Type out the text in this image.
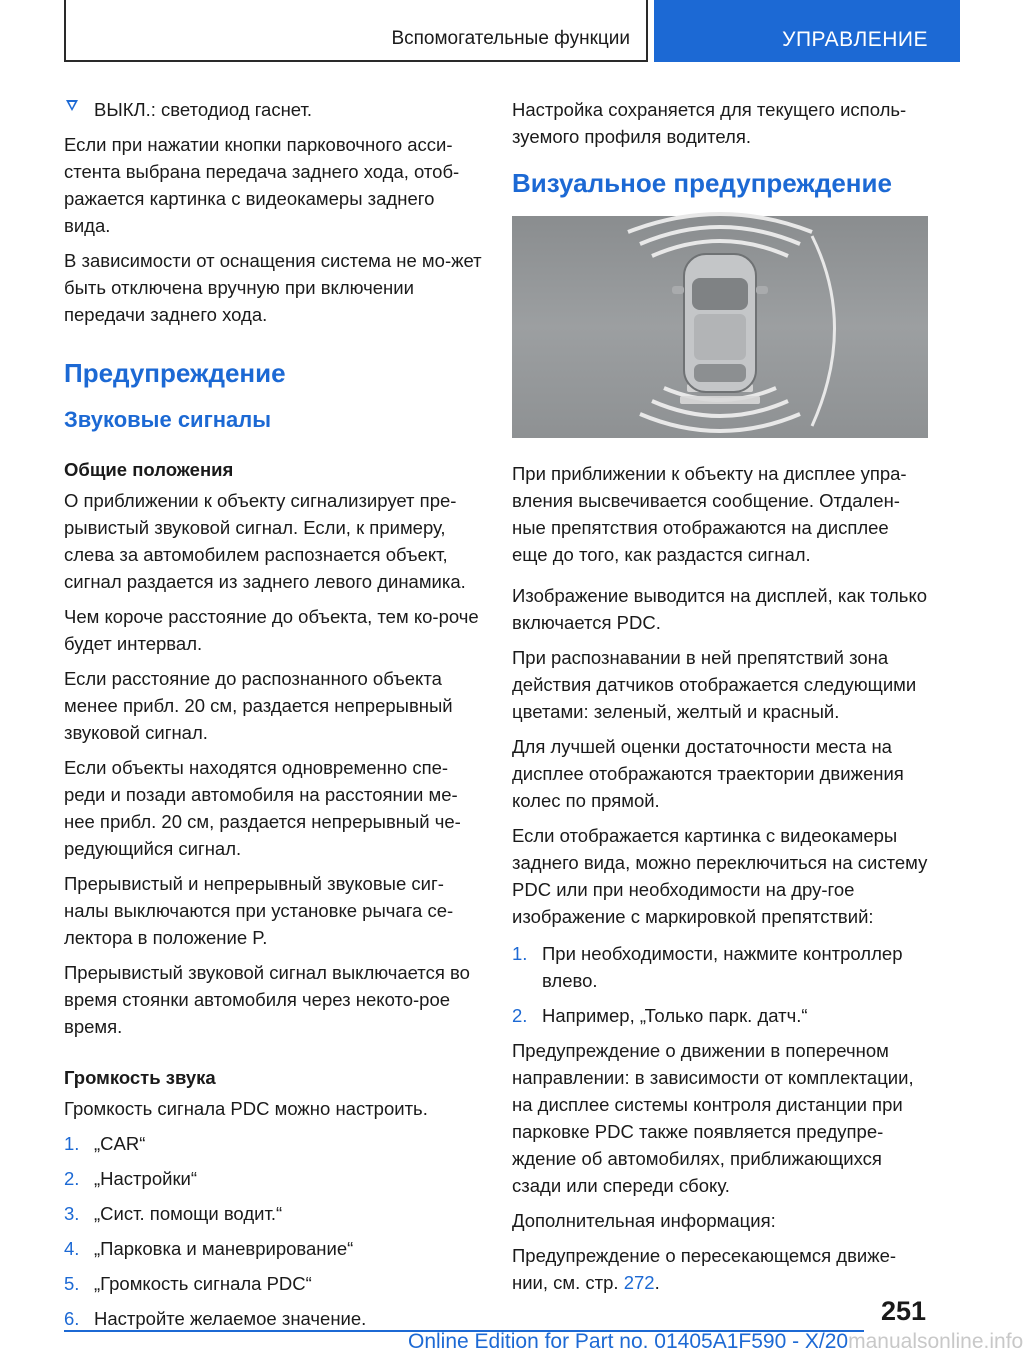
Вспомогательные функции	УПРАВЛЕНИЕ

ВЫКЛ.: светодиод гаснет.

Если при нажатии кнопки парковочного асси-стента выбрана передача заднего хода, отоб-ражается картинка с видеокамеры заднего вида.

В зависимости от оснащения система не мо-жет быть отключена вручную при включении передачи заднего хода.

Предупреждение
Звуковые сигналы
Общие положения

О приближении к объекту сигнализирует пре-рывистый звуковой сигнал. Если, к примеру, слева за автомобилем распознается объект, сигнал раздается из заднего левого динамика.

Чем короче расстояние до объекта, тем ко-роче будет интервал.

Если расстояние до распознанного объекта менее прибл. 20 см, раздается непрерывный звуковой сигнал.

Если объекты находятся одновременно спе-реди и позади автомобиля на расстоянии ме-нее прибл. 20 см, раздается непрерывный че-редующийся сигнал.

Прерывистый и непрерывный звуковые сиг-налы выключаются при установке рычага се-лектора в положение P.

Прерывистый звуковой сигнал выключается во время стоянки автомобиля через некото-рое время.

Громкость звука

Громкость сигнала PDC можно настроить.

1. „CAR“
2. „Настройки“
3. „Сист. помощи водит.“
4. „Парковка и маневрирование“
5. „Громкость сигнала PDC“
6. Настройте желаемое значение.

Настройка сохраняется для текущего исполь-зуемого профиля водителя.

Визуальное предупреждение

При приближении к объекту на дисплее упра-вления высвечивается сообщение. Отдален-ные препятствия отображаются на дисплее еще до того, как раздастся сигнал.

Изображение выводится на дисплей, как только включается PDC.

При распознавании в ней препятствий зона действия датчиков отображается следующими цветами: зеленый, желтый и красный.

Для лучшей оценки достаточности места на дисплее отображаются траектории движения колес по прямой.

Если отображается картинка с видеокамеры заднего вида, можно переключиться на систему PDC или при необходимости на дру-гое изображение с маркировкой препятствий:

1. При необходимости, нажмите контроллер влево.
2. Например, „Только парк. датч.“

Предупреждение о движении в поперечном направлении: в зависимости от комплектации, на дисплее системы контроля дистанции при парковке PDC также появляется предупре-ждение об автомобилях, приближающихся сзади или спереди сбоку.

Дополнительная информация:

Предупреждение о пересекающемся движе-нии, см. стр. 272.

251
Online Edition for Part no. 01405A1F590 - X/20manualsonline.info
